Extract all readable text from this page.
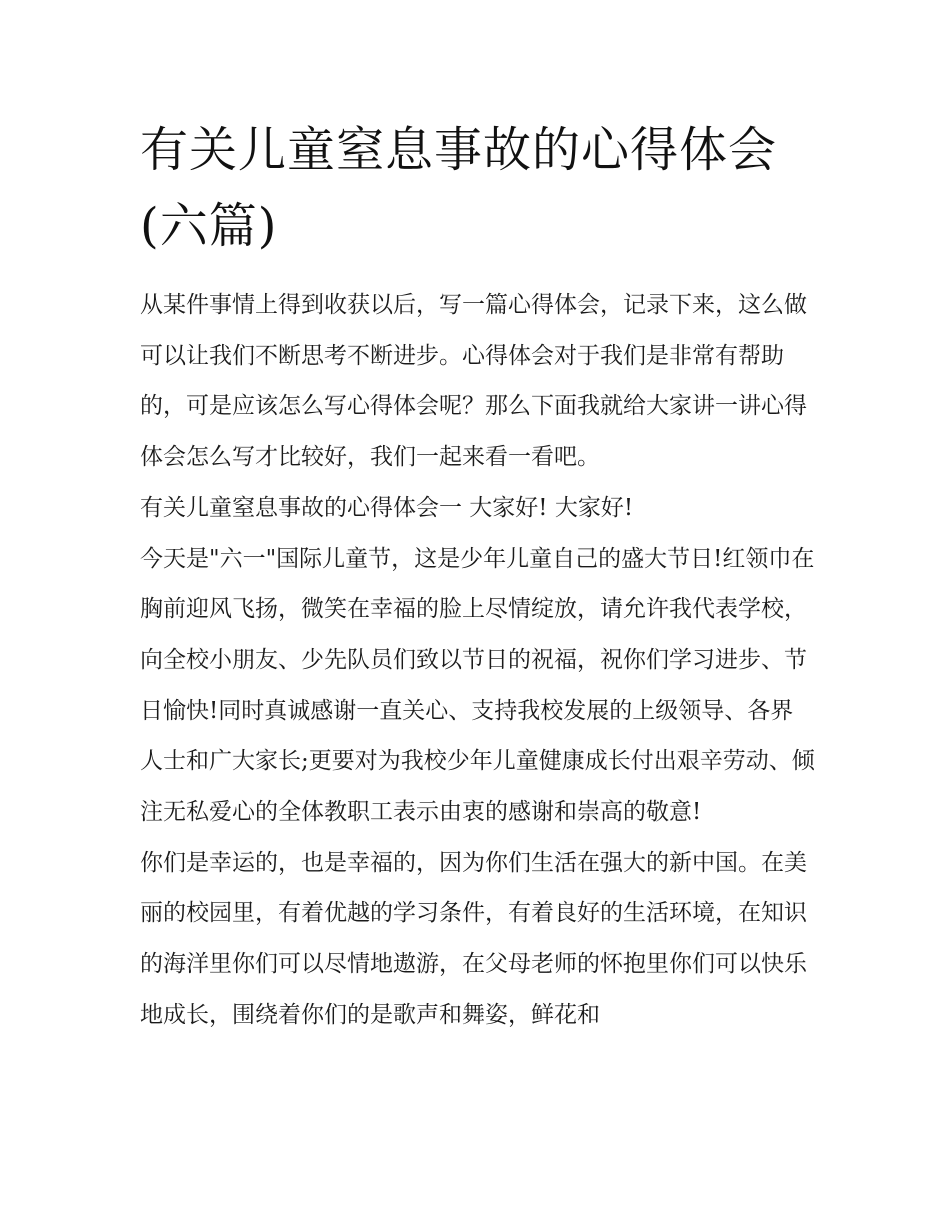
有关儿童窒息事故的心得体会
(六篇)

从某件事情上得到收获以后，写一篇心得体会，记录下来，这么做可以让我们不断思考不断进步。心得体会对于我们是非常有帮助的，可是应该怎么写心得体会呢？那么下面我就给大家讲一讲心得体会怎么写才比较好，我们一起来看一看吧。

有关儿童窒息事故的心得体会一 大家好! 大家好!

今天是"六一"国际儿童节，这是少年儿童自己的盛大节日!红领巾在胸前迎风飞扬，微笑在幸福的脸上尽情绽放，请允许我代表学校，向全校小朋友、少先队员们致以节日的祝福，祝你们学习进步、节日愉快!同时真诚感谢一直关心、支持我校发展的上级领导、各界人士和广大家长;更要对为我校少年儿童健康成长付出艰辛劳动、倾注无私爱心的全体教职工表示由衷的感谢和崇高的敬意!

你们是幸运的，也是幸福的，因为你们生活在强大的新中国。在美丽的校园里，有着优越的学习条件，有着良好的生活环境，在知识的海洋里你们可以尽情地遨游，在父母老师的怀抱里你们可以快乐地成长，围绕着你们的是歌声和舞姿，鲜花和
